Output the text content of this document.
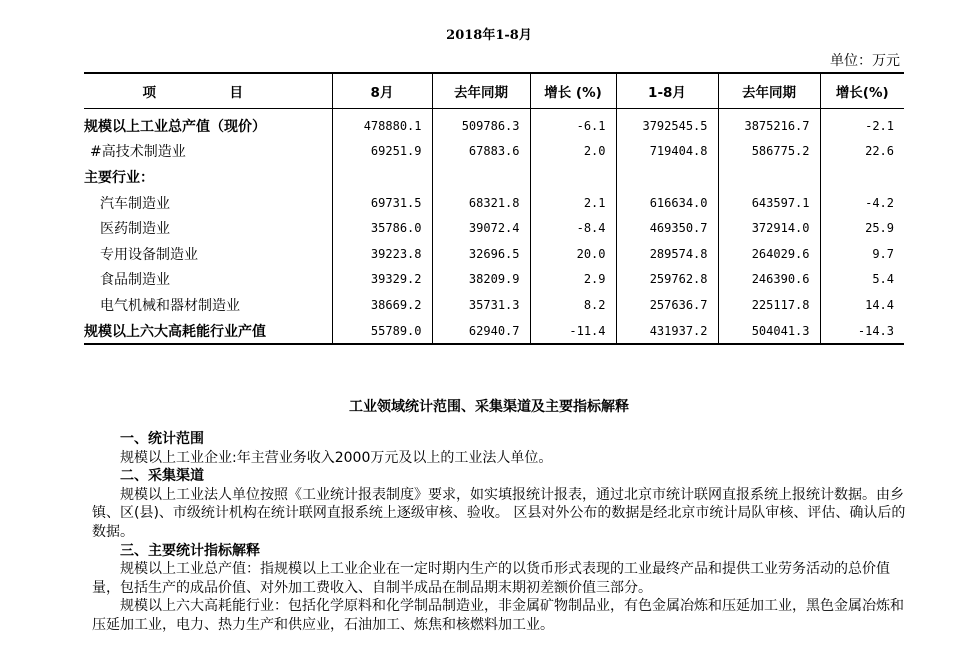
2018年1-8月
单位：万元
项　目	8月	去年同期	增长 (%)	1-8月	去年同期	增长(%)
规模以上工业总产值（现价）	478880.1	509786.3	-6.1	3792545.5	3875216.7	-2.1
#高技术制造业	69251.9	67883.6	2.0	719404.8	586775.2	22.6
主要行业：						
汽车制造业	69731.5	68321.8	2.1	616634.0	643597.1	-4.2
医药制造业	35786.0	39072.4	-8.4	469350.7	372914.0	25.9
专用设备制造业	39223.8	32696.5	20.0	289574.8	264029.6	9.7
食品制造业	39329.2	38209.9	2.9	259762.8	246390.6	5.4
电气机械和器材制造业	38669.2	35731.3	8.2	257636.7	225117.8	14.4
规模以上六大高耗能行业产值	55789.0	62940.7	-11.4	431937.2	504041.3	-14.3
工业领域统计范围、采集渠道及主要指标解释

一、统计范围

规模以上工业企业:年主营业务收入2000万元及以上的工业法人单位。

二、采集渠道

规模以上工业法人单位按照《工业统计报表制度》要求，如实填报统计报表，通过北京市统计联网直报系统上报统计数据。由乡镇、区(县)、市级统计机构在统计联网直报系统上逐级审核、验收。 区县对外公布的数据是经北京市统计局队审核、评估、确认后的数据。

三、主要统计指标解释

规模以上工业总产值：指规模以上工业企业在一定时期内生产的以货币形式表现的工业最终产品和提供工业劳务活动的总价值量，包括生产的成品价值、对外加工费收入、自制半成品在制品期末期初差额价值三部分。

规模以上六大高耗能行业：包括化学原料和化学制品制造业，非金属矿物制品业，有色金属冶炼和压延加工业，黑色金属冶炼和压延加工业，电力、热力生产和供应业，石油加工、炼焦和核燃料加工业。
